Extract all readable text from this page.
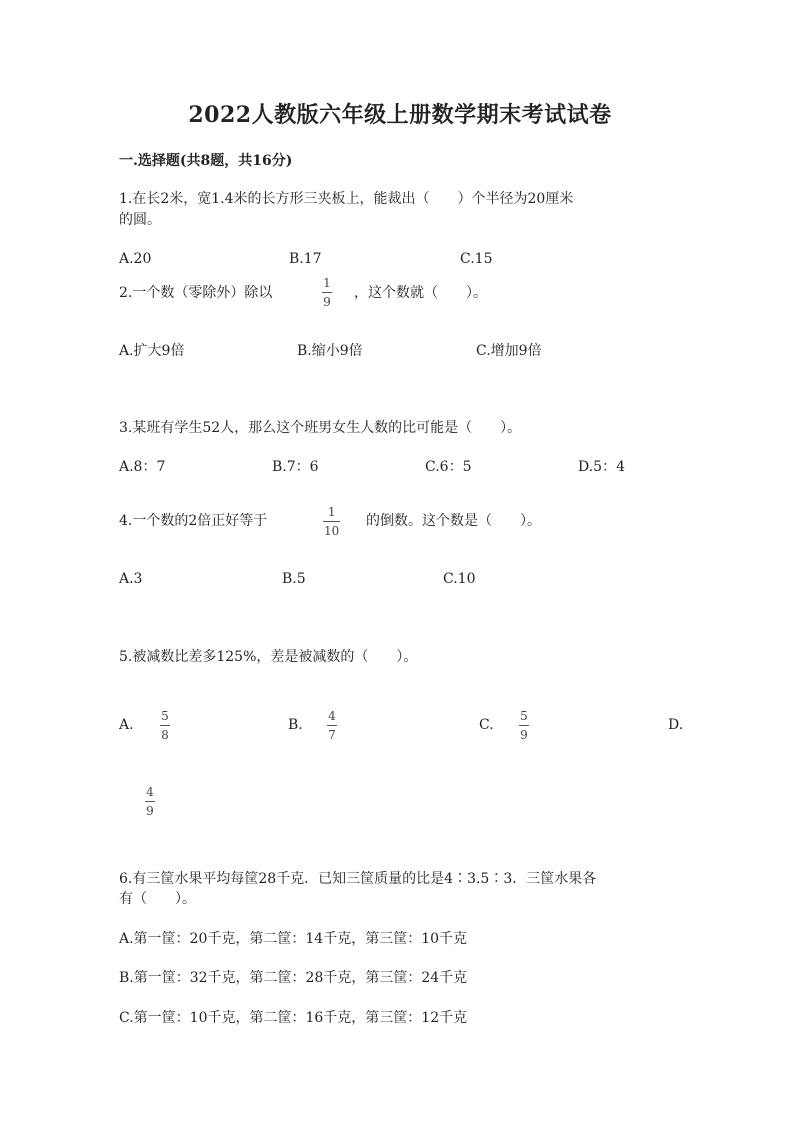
2022人教版六年级上册数学期末考试试卷
一.选择题(共8题，共16分)
1.在长2米，宽1.4米的长方形三夹板上，能裁出（　　）个半径为20厘米
的圆。
A.20	B.17	C.15
2.一个数（零除外）除以
1
9
，这个数就（　　）。
A.扩大9倍	B.缩小9倍	C.增加9倍
3.某班有学生52人，那么这个班男女生人数的比可能是（　　）。
A.8：7	B.7：6	C.6：5	D.5：4
4.一个数的2倍正好等于
1
10
的倒数。这个数是（　　）。
A.3	B.5	C.10
5.被减数比差多125%，差是被减数的（　　）。
A.
5
8
B.
4
7
C.
5
9
D.
4
9
6.有三筐水果平均每筐28千克．已知三筐质量的比是4∶3.5∶3．三筐水果各
有（　　）。
A.第一筐：20千克，第二筐：14千克，第三筐：10千克
B.第一筐：32千克，第二筐：28千克，第三筐：24千克
C.第一筐：10千克，第二筐：16千克，第三筐：12千克
